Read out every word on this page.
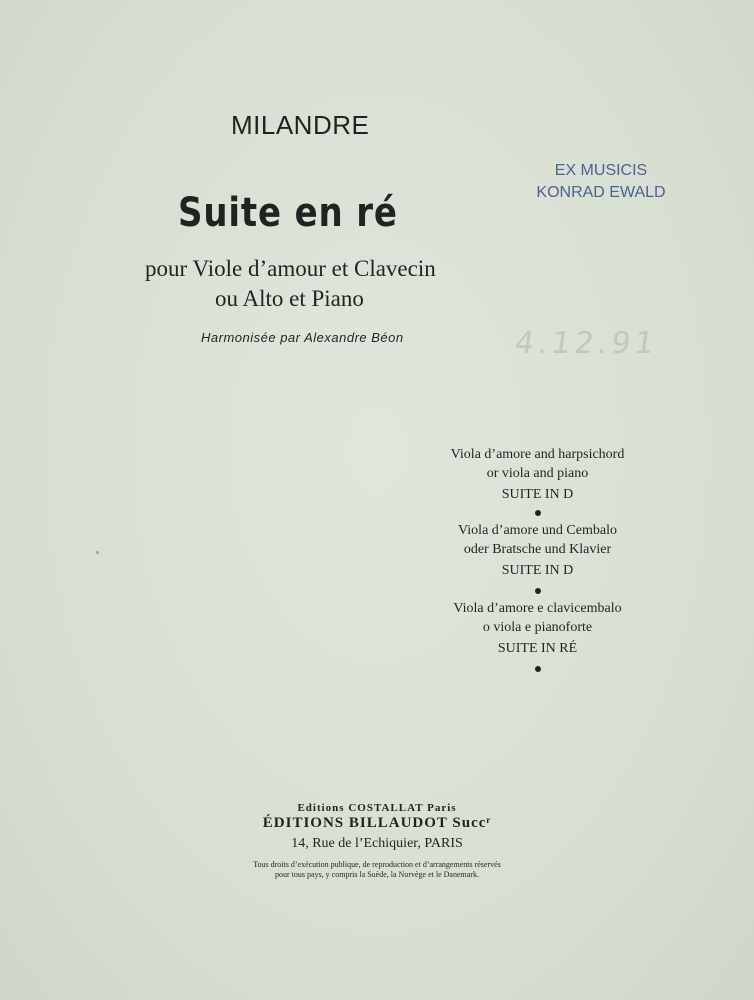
MILANDRE
Suite en ré
pour Viole d’amour et Clavecin
ou Alto et Piano
Harmonisée par Alexandre Béon
EX MUSICIS
KONRAD EWALD
4.12.91
Viola d’amore and harpsichord
or viola and piano
SUITE IN D
Viola d’amore und Cembalo
oder Bratsche und Klavier
SUITE IN D
Viola d’amore e clavicembalo
o viola e pianoforte
SUITE IN RÉ
Editions COSTALLAT Paris
ÉDITIONS BILLAUDOT Succʳ
14, Rue de l’Echiquier, PARIS
Tous droits d’exécution publique, de reproduction et d’arrangements réservés
pour tous pays, y compris la Suède, la Norvège et le Danemark.
